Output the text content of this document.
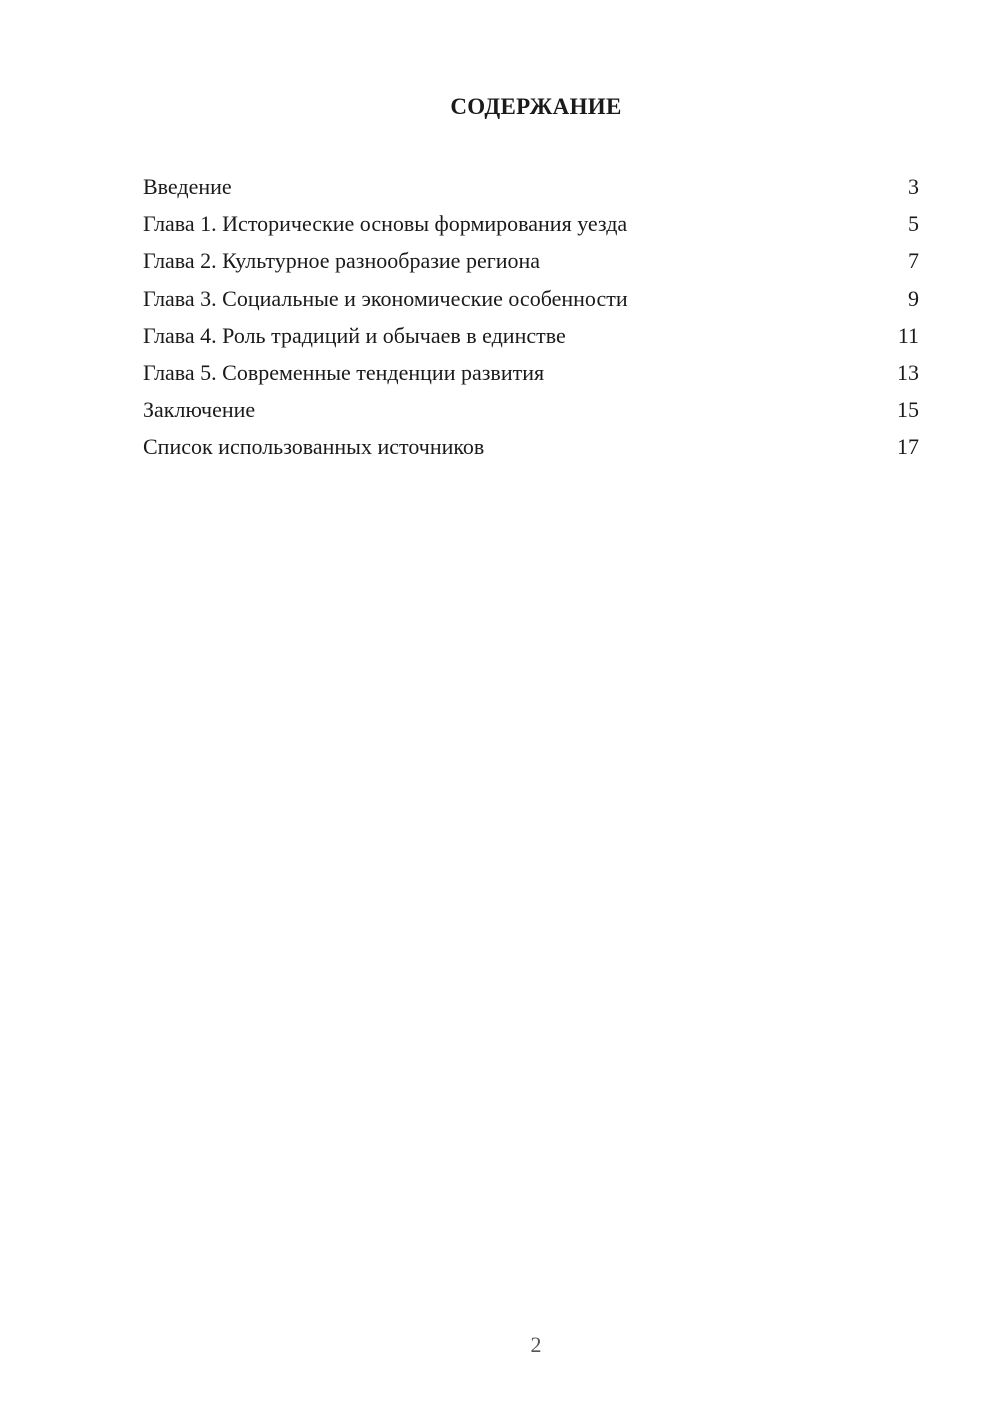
СОДЕРЖАНИЕ
Введение	3
Глава 1. Исторические основы формирования уезда	5
Глава 2. Культурное разнообразие региона	7
Глава 3. Социальные и экономические особенности	9
Глава 4. Роль традиций и обычаев в единстве	11
Глава 5. Современные тенденции развития	13
Заключение	15
Список использованных источников	17
2
